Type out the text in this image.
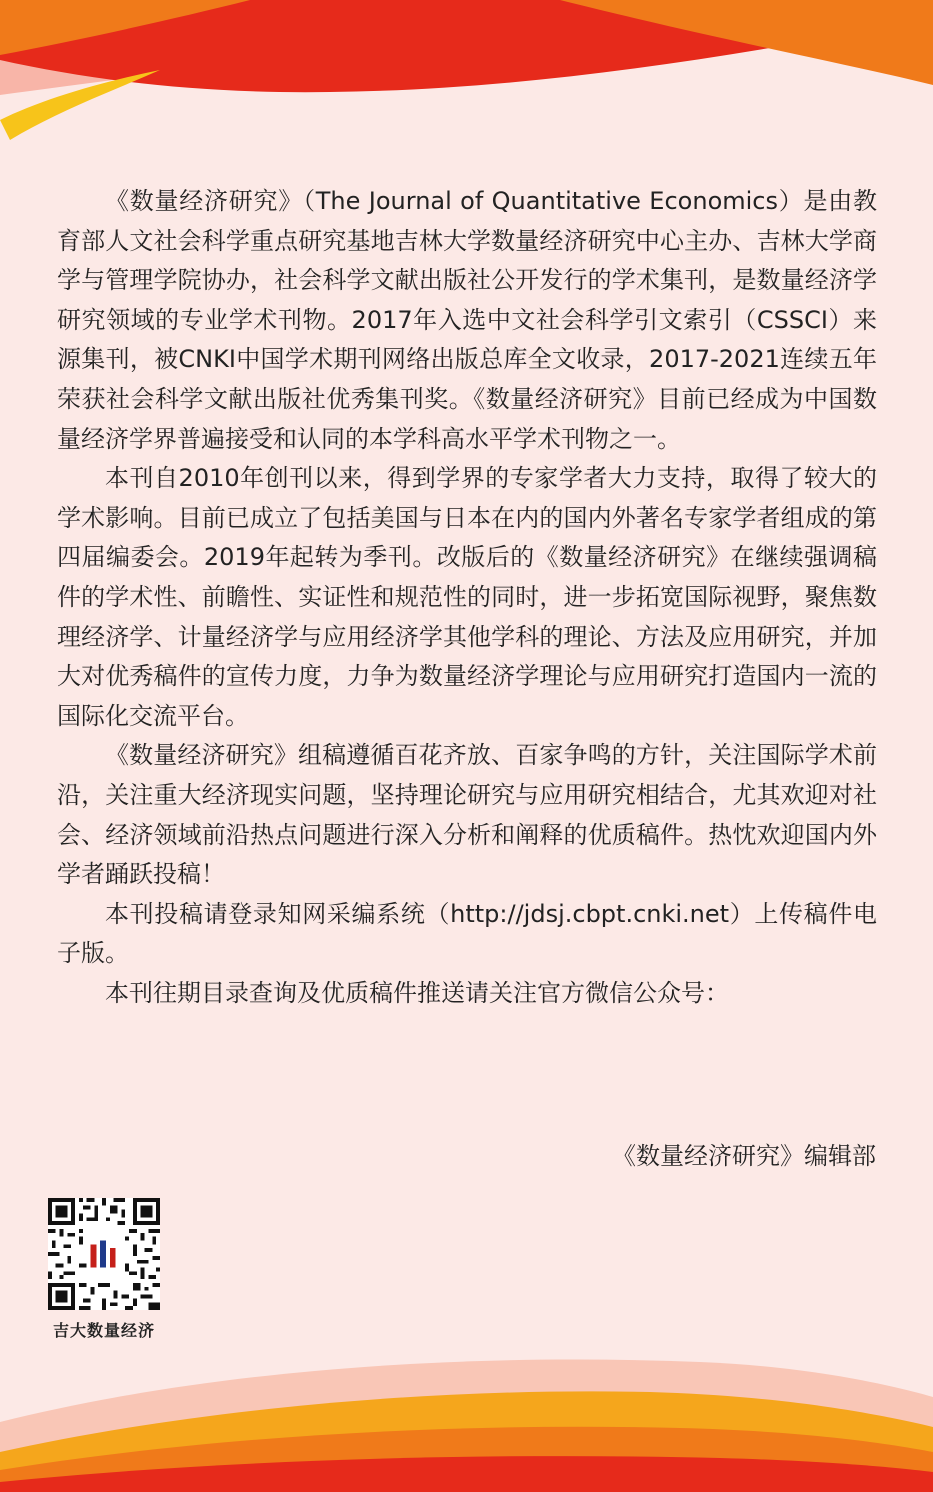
《数量经济研究》（The Journal of Quantitative Economics）是由教育部人文社会科学重点研究基地吉林大学数量经济研究中心主办、吉林大学商学与管理学院协办，社会科学文献出版社公开发行的学术集刊，是数量经济学研究领域的专业学术刊物。2017年入选中文社会科学引文索引（CSSCI）来源集刊，被CNKI中国学术期刊网络出版总库全文收录，2017-2021连续五年荣获社会科学文献出版社优秀集刊奖。《数量经济研究》目前已经成为中国数量经济学界普遍接受和认同的本学科高水平学术刊物之一。

本刊自2010年创刊以来，得到学界的专家学者大力支持，取得了较大的学术影响。目前已成立了包括美国与日本在内的国内外著名专家学者组成的第四届编委会。2019年起转为季刊。改版后的《数量经济研究》在继续强调稿件的学术性、前瞻性、实证性和规范性的同时，进一步拓宽国际视野，聚焦数理经济学、计量经济学与应用经济学其他学科的理论、方法及应用研究，并加大对优秀稿件的宣传力度，力争为数量经济学理论与应用研究打造国内一流的国际化交流平台。

《数量经济研究》组稿遵循百花齐放、百家争鸣的方针，关注国际学术前沿，关注重大经济现实问题，坚持理论研究与应用研究相结合，尤其欢迎对社会、经济领域前沿热点问题进行深入分析和阐释的优质稿件。热忱欢迎国内外学者踊跃投稿！

本刊投稿请登录知网采编系统（http://jdsj.cbpt.cnki.net）上传稿件电子版。

本刊往期目录查询及优质稿件推送请关注官方微信公众号：

《数量经济研究》编辑部
吉大数量经济
